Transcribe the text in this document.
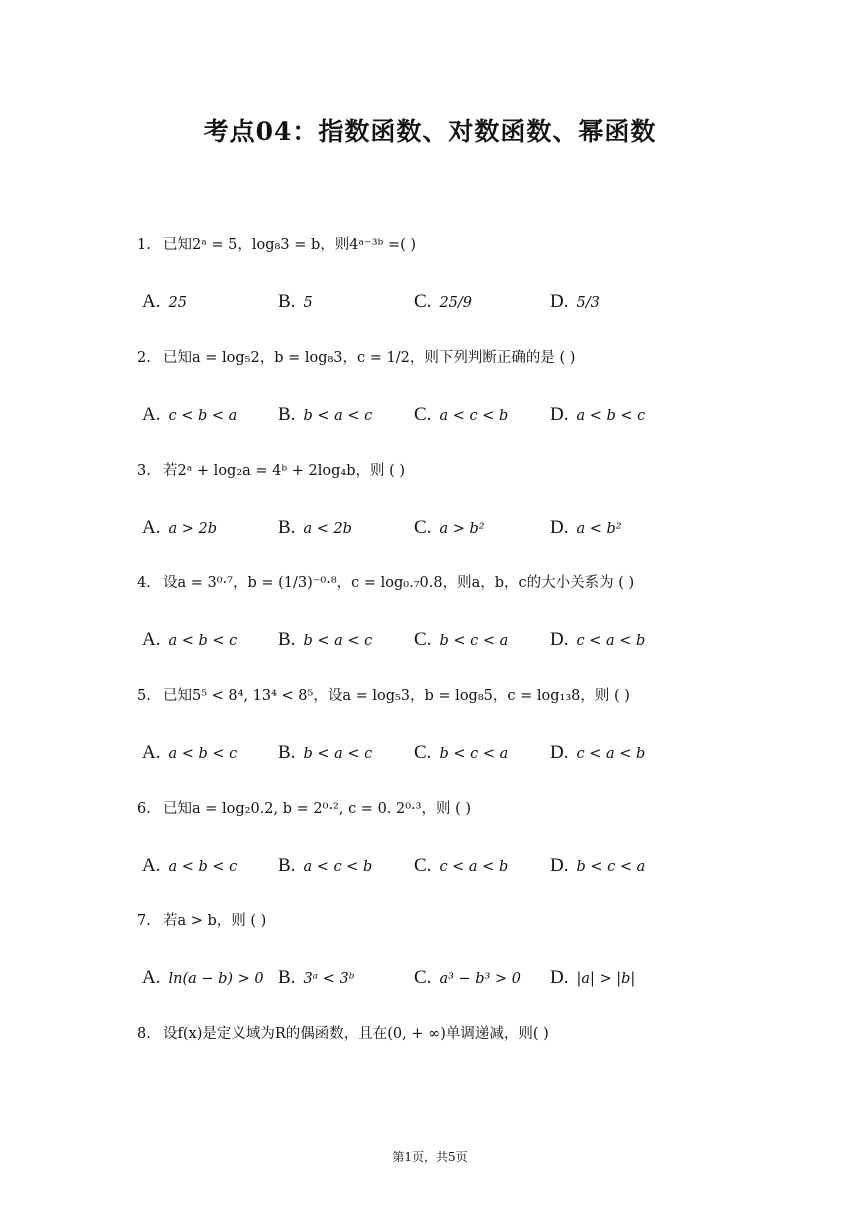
考点04：指数函数、对数函数、幂函数
1. 已知2ᵃ = 5，log₈3 = b，则4ᵃ⁻³ᵇ =( )
A. 25	B. 5	C. 25/9	D. 5/3
2. 已知a = log₅2，b = log₈3，c = 1/2，则下列判断正确的是 ( )
A. c < b < a B. b < a < c C. a < c < b D. a < b < c
3. 若2ᵃ + log₂a = 4ᵇ + 2log₄b，则 ( )
A. a > 2b	B. a < 2b	C. a > b²	D. a < b²
4. 设a = 3⁰·⁷，b = (1/3)⁻⁰·⁸，c = log₀.₇0.8，则a，b，c的大小关系为 ( )
A. a < b < c B. b < a < c C. b < c < a D. c < a < b
5. 已知5⁵ < 8⁴, 13⁴ < 8⁵，设a = log₅3，b = log₈5，c = log₁₃8，则 ( )
A. a < b < c B. b < a < c C. b < c < a D. c < a < b
6. 已知a = log₂0.2, b = 2⁰·², c = 0. 2⁰·³，则 ( )
A. a < b < c B. a < c < b C. c < a < b D. b < c < a
7. 若a > b，则 ( )
A. ln(a − b) > 0 B. 3ᵃ < 3ᵇ	C. a³ − b³ > 0 D. |a| > |b|
8. 设f(x)是定义域为R的偶函数，且在(0, + ∞)单调递减，则( )
第1页，共5页
